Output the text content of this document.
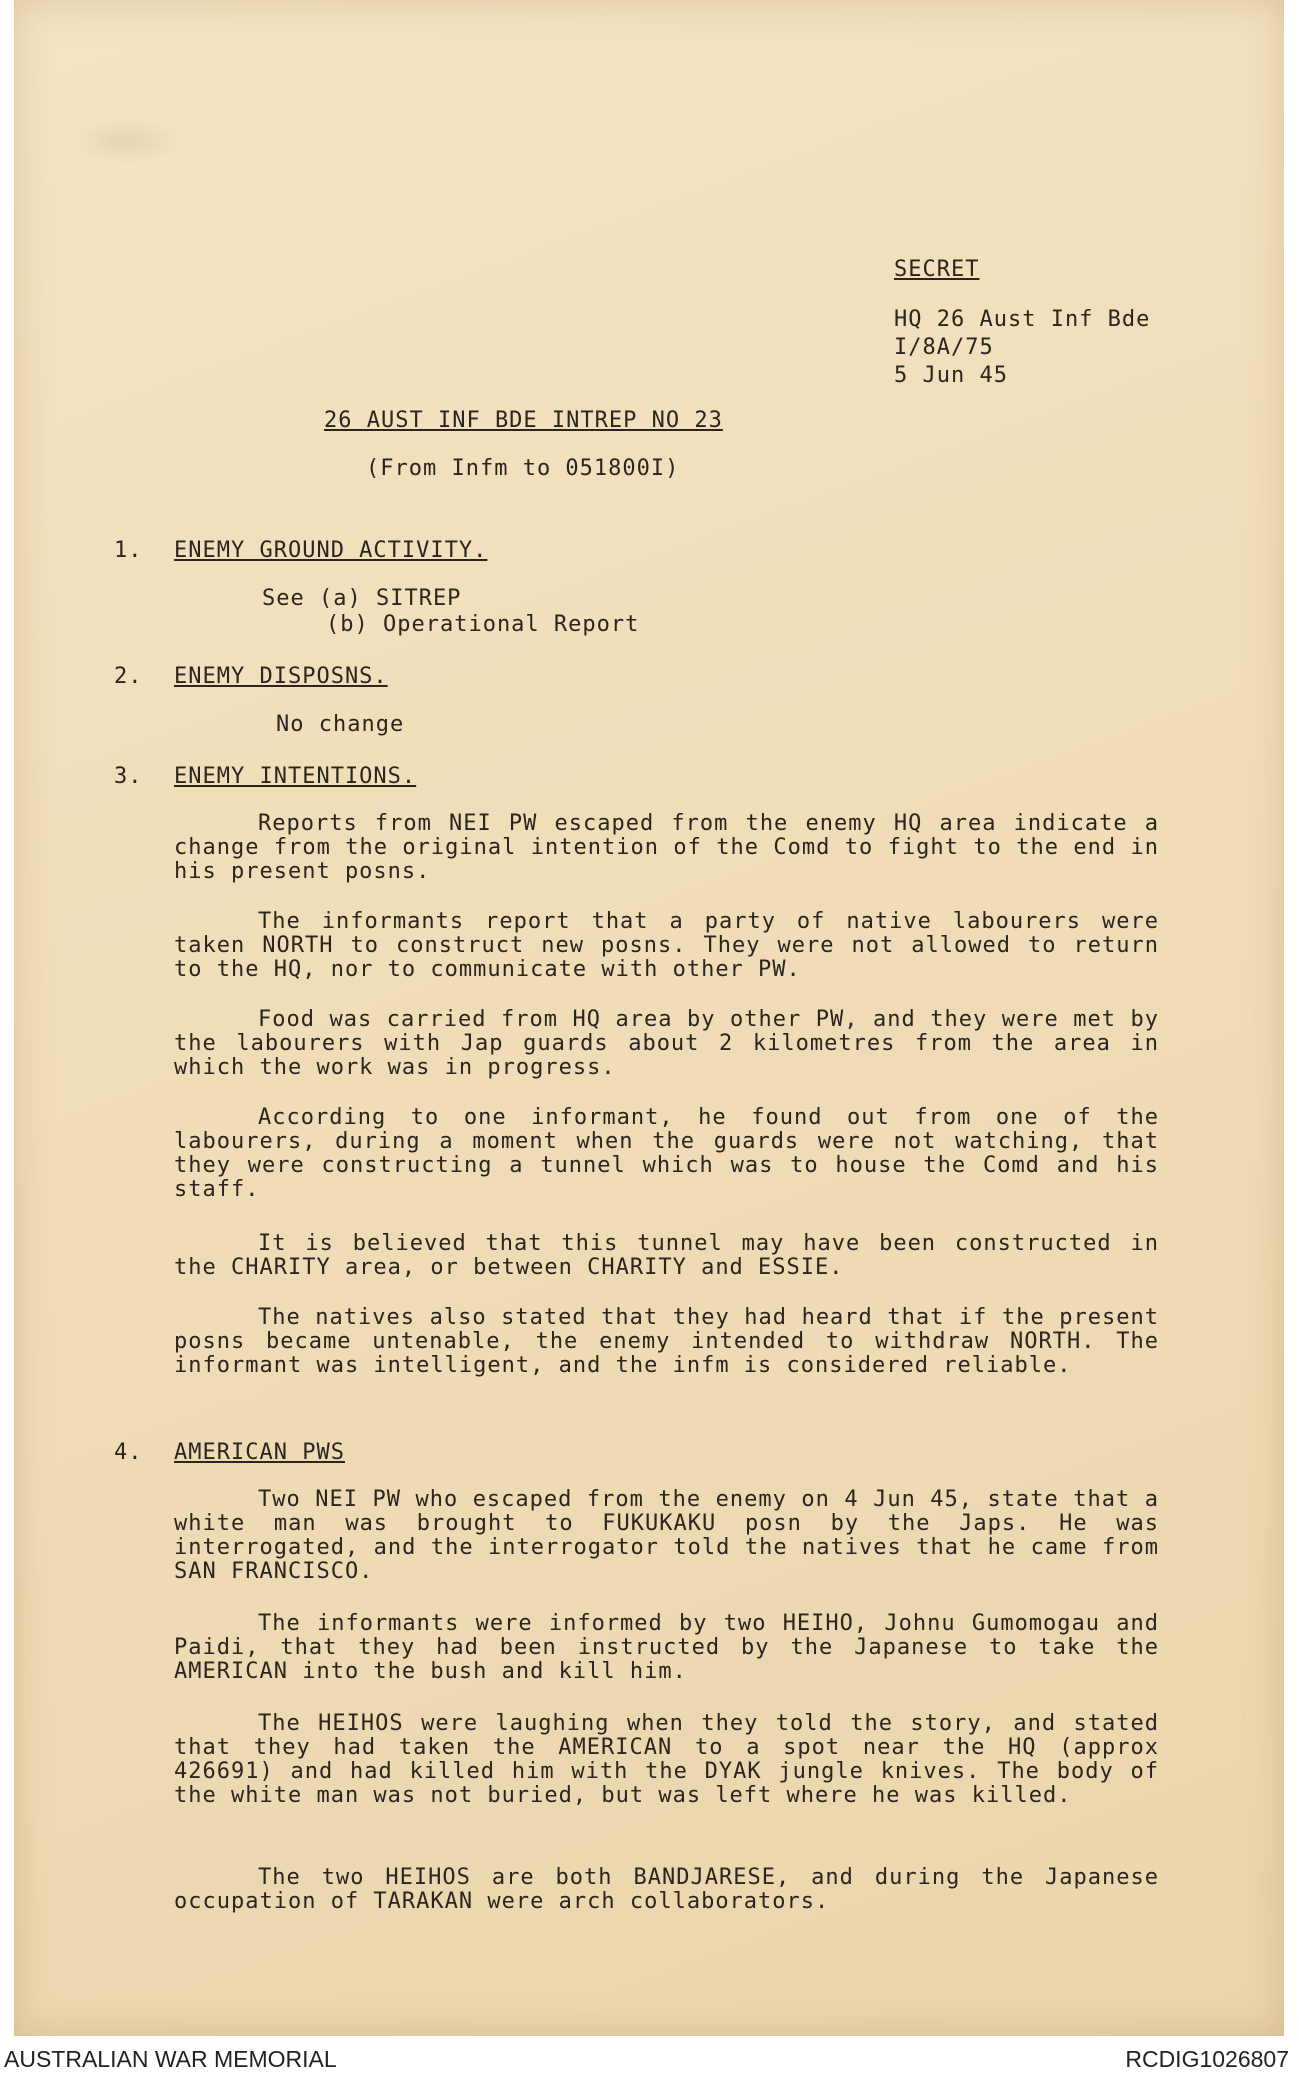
SECRET
HQ 26 Aust Inf Bde
I/8A/75
5 Jun 45
26 AUST INF BDE INTREP NO 23
(From Infm to 051800I)
1. ENEMY GROUND ACTIVITY.
See (a) SITREP
(b) Operational Report
2. ENEMY DISPOSNS.
No change
3. ENEMY INTENTIONS.
Reports from NEI PW escaped from the enemy HQ area indicate a change from the original intention of the Comd to fight to the end in his present posns.
The informants report that a party of native labourers were taken NORTH to construct new posns. They were not allowed to return to the HQ, nor to communicate with other PW.
Food was carried from HQ area by other PW, and they were met by the labourers with Jap guards about 2 kilometres from the area in which the work was in progress.
According to one informant, he found out from one of the labourers, during a moment when the guards were not watching, that they were constructing a tunnel which was to house the Comd and his staff.
It is believed that this tunnel may have been constructed in the CHARITY area, or between CHARITY and ESSIE.
The natives also stated that they had heard that if the present posns became untenable, the enemy intended to withdraw NORTH. The informant was intelligent, and the infm is considered reliable.
4. AMERICAN PWS
Two NEI PW who escaped from the enemy on 4 Jun 45, state that a white man was brought to FUKUKAKU posn by the Japs. He was interrogated, and the interrogator told the natives that he came from SAN FRANCISCO.
The informants were informed by two HEIHO, Johnu Gumomogau and Paidi, that they had been instructed by the Japanese to take the AMERICAN into the bush and kill him.
The HEIHOS were laughing when they told the story, and stated that they had taken the AMERICAN to a spot near the HQ (approx 426691) and had killed him with the DYAK jungle knives. The body of the white man was not buried, but was left where he was killed.
The two HEIHOS are both BANDJARESE, and during the Japanese occupation of TARAKAN were arch collaborators.
AUSTRALIAN WAR MEMORIAL	RCDIG1026807
